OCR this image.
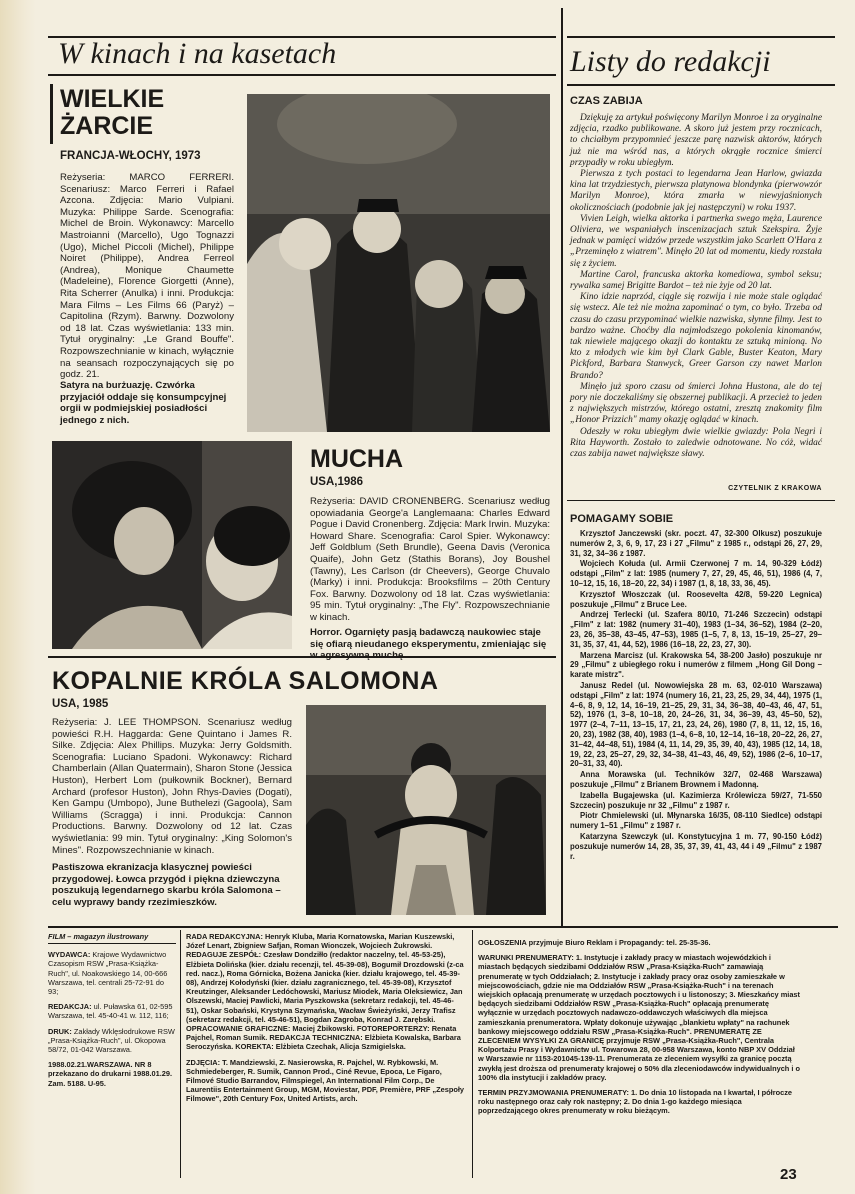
W kinach i na kasetach	Listy do redakcji
WIELKIE
ŻARCIE
FRANCJA-WŁOCHY, 1973

Reżyseria: MARCO FERRERI. Scenariusz: Marco Ferreri i Rafael Azcona. Zdjęcia: Mario Vulpiani. Muzyka: Philippe Sarde. Scenografia: Michel de Broin. Wykonawcy: Marcello Mastroianni (Marcello), Ugo Tognazzi (Ugo), Michel Piccoli (Michel), Philippe Noiret (Philippe), Andrea Ferreol (Andrea), Monique Chaumette (Madeleine), Florence Giorgetti (Anne), Rita Scherrer (Anulka) i inni. Produkcja: Mara Films – Les Films 66 (Paryż) – Capitolina (Rzym). Barwny. Dozwolony od 18 lat. Czas wyświetlania: 133 min. Tytuł oryginalny: „Le Grand Bouffe". Rozpowszechnianie w kinach, wyłącznie na seansach rozpoczynających się po godz. 21.

Satyra na burżuazję. Czwórka przyjaciół oddaje się konsumpcyjnej orgii w podmiejskiej posiadłości jednego z nich.

MUCHA
USA,1986

Reżyseria: DAVID CRONENBERG. Scenariusz według opowiadania George'a Langlemaana: Charles Edward Pogue i David Cronenberg. Zdjęcia: Mark Irwin. Muzyka: Howard Share. Scenografia: Carol Spier. Wykonawcy: Jeff Goldblum (Seth Brundle), Geena Davis (Veronica Quaife), John Getz (Stathis Borans), Joy Boushel (Tawny), Les Carlson (dr Cheevers), George Chuvalo (Marky) i inni. Produkcja: Brooksfilms – 20th Century Fox. Barwny. Dozwolony od 18 lat. Czas wyświetlania: 95 min. Tytuł oryginalny: „The Fly". Rozpowszechnianie w kinach.

Horror. Ogarnięty pasją badawczą naukowiec staje się ofiarą nieudanego eksperymentu, zmieniając się

KOPALNIE KRÓLA SALOMONA
USA, 1985

Reżyseria: J. LEE THOMPSON. Scenariusz według powieści R.H. Haggarda: Gene Quintano i James R. Silke. Zdjęcia: Alex Phillips. Muzyka: Jerry Goldsmith. Scenografia: Luciano Spadoni. Wykonawcy: Richard Chamberlain (Allan Quatermain), Sharon Stone (Jessica Huston), Herbert Lom (pułkownik Bockner), Bernard Archard (profesor Huston), John Rhys-Davies (Dogati), Ken Gampu (Umbopo), June Buthelezi (Gagoola), Sam Williams (Scragga) i inni. Produkcja: Cannon Productions. Barwny. Dozwolony od 12 lat. Czas wyświetlania: 99 min. Tytuł oryginalny: „King Solomon's Mines". Rozpowszechnianie w kinach.

Pastiszowa ekranizacja klasycznej powieści przygodowej. Łowca przygód i piękna dziewczyna poszukują legendarnego skarbu króla Salomona – celu wyprawy bandy rzezimieszków.

CZAS ZABIJA

Dziękuję za artykuł poświęcony Marilyn Monroe i za oryginalne zdjęcia, rzadko publikowane. A skoro już jestem przy rocznicach, to chciałbym przypomnieć jeszcze parę nazwisk aktorów, których już nie ma wśród nas, a których okrągłe rocznice śmierci przypadły w roku ubiegłym.

Pierwsza z tych postaci to legendarna Jean Harlow, gwiazda kina lat trzydziestych, pierwsza platynowa blondynka (pierwowzór Marilyn Monroe), która zmarła w niewyjaśnionych okolicznościach (podobnie jak jej następczyni) w roku 1937.

Vivien Leigh, wielka aktorka i partnerka swego męża, Laurence Oliviera, we wspaniałych inscenizacjach sztuk Szekspira. Żyje jednak w pamięci widzów przede wszystkim jako Scarlett O'Hara z „Przeminęło z wiatrem". Minęło 20 lat od momentu, kiedy rozstała się z życiem.

Martine Carol, francuska aktorka komediowa, symbol seksu; rywalka samej Brigitte Bardot – też nie żyje od 20 lat.

Kino idzie naprzód, ciągle się rozwija i nie może stale oglądać się wstecz. Ale też nie można zapominać o tym, co było. Trzeba od czasu do czasu przypominać wielkie nazwiska, słynne filmy. Jest to bardzo ważne. Choćby dla najmłodszego pokolenia kinomanów, tak niewiele mającego okazji do kontaktu ze sztuką minioną. No kto z młodych wie kim był Clark Gable, Buster Keaton, Mary Pickford, Barbara Stanwyck, Greer Garson czy nawet Marlon Brando?

Minęło już sporo czasu od śmierci Johna Hustona, ale do tej pory nie doczekaliśmy się obszernej publikacji. A przecież to jeden z największych mistrzów, którego ostatni, zresztą znakomity film „Honor Prizzich" mamy okazję oglądać w kinach.

Odeszły w roku ubiegłym dwie wielkie gwiazdy: Pola Negri i Rita Hayworth. Zostało to zaledwie odnotowane. No cóż, widać czas zabija nawet największe sławy.

CZYTELNIK Z KRAKOWA
POMAGAMY SOBIE

Krzysztof Janczewski (skr. poczt. 47, 32-300 Olkusz) poszukuje numerów 2, 3, 6, 9, 17, 23 i 27 „Filmu" z 1985 r., odstąpi 26, 27, 29, 31, 32, 34–36 z 1987.

Wojciech Kołuda (ul. Armii Czerwonej 7 m. 14, 90-329 Łódź) odstąpi „Film" z lat: 1985 (numery 7, 27, 29, 45, 46, 51), 1986 (4, 7, 10–12, 15, 16, 18–20, 22, 34) i 1987 (1, 8, 18, 33, 36, 45).

Krzysztof Włoszczak (ul. Roosevelta 42/8, 59-220 Legnica) poszukuje „Filmu" z Bruce Lee.

Andrzej Terlecki (ul. Szafera 80/10, 71-246 Szczecin) odstąpi „Film" z lat: 1982 (numery 31–40), 1983 (1–34, 36–52), 1984 (2–20, 23, 26, 35–38, 43–45, 47–53), 1985 (1–5, 7, 8, 13, 15–19, 25–27, 29–31, 35, 37, 41, 44, 52), 1986 (16–18, 22, 23, 27, 30).

Marzena Marcisz (ul. Krakowska 54, 38-200 Jasło) poszukuje nr 29 „Filmu" z ubiegłego roku i numerów z filmem „Hong Gil Dong – karate mistrz".

Janusz Redel (ul. Nowowiejska 28 m. 63, 02-010 Warszawa) odstąpi „Film" z lat: 1974 (numery 16, 21, 23, 25, 29, 34, 44), 1975 (1, 4–6, 8, 9, 12, 14, 16–19, 21–25, 29, 31, 34, 36–38, 40–43, 46, 47, 51, 52), 1976 (1, 3–8, 10–18, 20, 24–26, 31, 34, 36–39, 43, 45–50, 52), 1977 (2–4, 7–11, 13–15, 17, 21, 23, 24, 26), 1980 (7, 8, 11, 12, 15, 16, 20, 23), 1982 (38, 40), 1983 (1–4, 6–8, 10, 12–14, 16–18, 20–22, 26, 27, 31–42, 44–48, 51), 1984 (4, 11, 14, 29, 35, 39, 40, 43), 1985 (12, 14, 18, 19, 22, 23, 25–27, 29, 32, 34–38, 41–43, 46, 49, 52), 1986 (2–6, 10–17, 20–31, 33, 40).

Anna Morawska (ul. Techników 32/7, 02-468 Warszawa) poszukuje „Filmu" z Brianem Brownem i Madonną.

Izabella Bugajewska (ul. Kazimierza Królewicza 59/27, 71-550 Szczecin) poszukuje nr 32 „Filmu" z 1987 r.

Piotr Chmielewski (ul. Młynarska 16/35, 08-110 Siedlce) odstąpi numery 1–51 „Filmu" z 1987 r.

Katarzyna Szewczyk (ul. Konstytucyjna 1 m. 77, 90-150 Łódź) poszukuje numerów 14, 28, 35, 37, 39, 41, 43, 44 i 49 „Filmu" z 1987 r.

FILM – magazyn ilustrowany

WYDAWCA: Krajowe Wydawnictwo Czasopism RSW „Prasa-Książka-Ruch", ul. Noakowskiego 14, 00-666 Warszawa, tel. centrali 25-72-91 do 93;

REDAKCJA: ul. Puławska 61, 02-595 Warszawa, tel. 45-40-41 w. 112, 116;

DRUK: Zakłady Wklęsłodrukowe RSW „Prasa-Książka-Ruch", ul. Okopowa 58/72, 01-042 Warszawa.

1988.02.21.WARSZAWA. NR 8 przekazano do drukarni 1988.01.29. Zam. 5188. U-95.

RADA REDAKCYJNA: Henryk Kluba, Maria Kornatowska, Marian Kuszewski, Józef Lenart, Zbigniew Safjan, Roman Wionczek, Wojciech Żukrowski. REDAGUJE ZESPÓŁ: Czesław Dondziłło (redaktor naczelny, tel. 45-53-25), Elżbieta Dolińska (kier. działu recenzji, tel. 45-39-08), Bogumił Drozdowski (z-ca red. nacz.), Roma Górnicka, Bożena Janicka (kier. działu krajowego, tel. 45-39-08), Andrzej Kołodyński (kier. działu zagranicznego, tel. 45-39-08), Krzysztof Kreutzinger, Aleksander Ledóchowski, Mariusz Miodek, Maria Oleksiewicz, Jan Olszewski, Maciej Pawlicki, Maria Pyszkowska (sekretarz redakcji, tel. 45-46-51), Oskar Sobański, Krystyna Szymańska, Wacław Świeżyński, Jerzy Trafisz (sekretarz redakcji, tel. 45-46-51), Bogdan Zagroba, Konrad J. Zarębski. OPRACOWANIE GRAFICZNE: Maciej Żbikowski. FOTOREPORTERZY: Renata Pajchel, Roman Sumik. REDAKCJA TECHNICZNA: Elżbieta Kowalska, Barbara Seroczyńska. KOREKTA: Elżbieta Czechak, Alicja Szmigielska.

ZDJĘCIA: T. Mandziewski, Z. Nasierowska, R. Pajchel, W. Rybkowski, M. Schmiedeberger, R. Sumik, Cannon Prod., Ciné Revue, Epoca, Le Figaro, Filmové Studio Barrandov, Filmspiegel, An International Film Corp., De Laurentiis Entertainment Group, MGM, Moviestar, PDF, Première, PRF „Zespoły Filmowe", 20th Century Fox, United Artists, arch.

OGŁOSZENIA przyjmuje Biuro Reklam i Propagandy: tel. 25-35-36.

WARUNKI PRENUMERATY: 1. Instytucje i zakłady pracy w miastach wojewódzkich i miastach będących siedzibami Oddziałów RSW „Prasa-Książka-Ruch" zamawiają prenumeratę w tych Oddziałach; 2. Instytucje i zakłady pracy oraz osoby zamieszkałe w miejscowościach, gdzie nie ma Oddziałów RSW „Prasa-Książka-Ruch" i na terenach wiejskich opłacają prenumeratę w urzędach pocztowych i u listonoszy; 3. Mieszkańcy miast będących siedzibami Oddziałów RSW „Prasa-Książka-Ruch" opłacają prenumeratę wyłącznie w urzędach pocztowych nadawczo-oddawczych właściwych dla miejsca zamieszkania prenumeratora. Wpłaty dokonuje używając „blankietu wpłaty" na rachunek bankowy miejscowego oddziału RSW „Prasa-Książka-Ruch". PRENUMERATĘ ZE ZLECENIEM WYSYŁKI ZA GRANICĘ przyjmuje RSW „Prasa-Książka-Ruch", Centrala Kolportażu Prasy i Wydawnictw ul. Towarowa 28, 00-958 Warszawa, konto NBP XV Oddział w Warszawie nr 1153-201045-139-11. Prenumerata ze zleceniem wysyłki za granicę pocztą zwykłą jest droższa od prenumeraty krajowej o 50% dla zleceniodawców indywidualnych i o 100% dla instytucji i zakładów pracy.

TERMIN PRZYJMOWANIA PRENUMERATY: 1. Do dnia 10 listopada na I kwartał, I półrocze roku następnego oraz cały rok następny; 2. Do dnia 1-go każdego miesiąca poprzedzającego okres prenumeraty w roku bieżącym.

23
